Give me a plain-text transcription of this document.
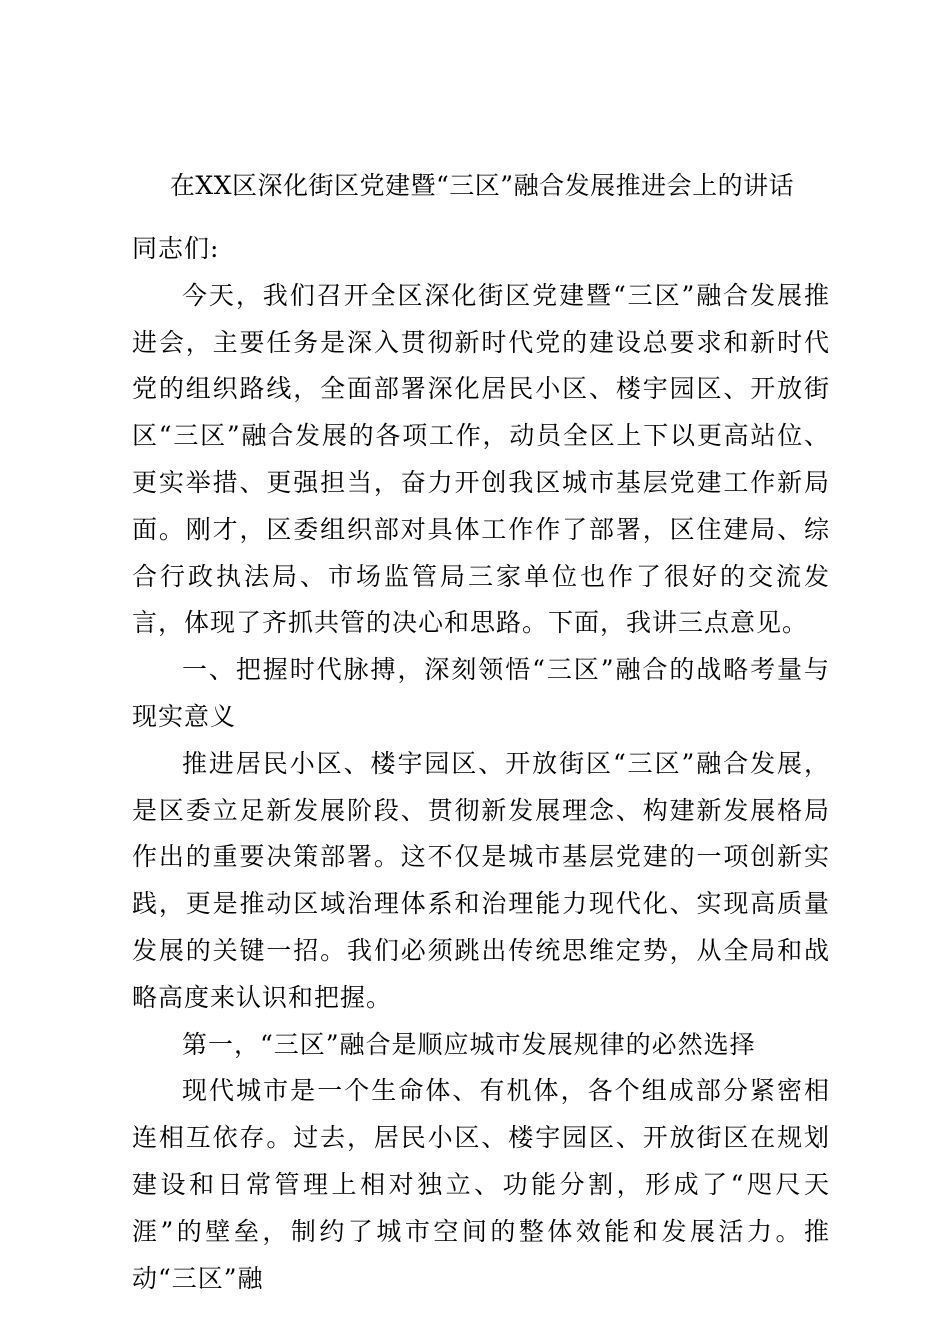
在XX区深化街区党建暨“三区”融合发展推进会上的讲话

同志们:

今天，我们召开全区深化街区党建暨“三区”融合发展推进会，主要任务是深入贯彻新时代党的建设总要求和新时代党的组织路线，全面部署深化居民小区、楼宇园区、开放街区“三区”融合发展的各项工作，动员全区上下以更高站位、更实举措、更强担当，奋力开创我区城市基层党建工作新局面。刚才，区委组织部对具体工作作了部署，区住建局、综合行政执法局、市场监管局三家单位也作了很好的交流发言，体现了齐抓共管的决心和思路。下面，我讲三点意见。

一、把握时代脉搏，深刻领悟“三区”融合的战略考量与现实意义

推进居民小区、楼宇园区、开放街区“三区”融合发展，是区委立足新发展阶段、贯彻新发展理念、构建新发展格局作出的重要决策部署。这不仅是城市基层党建的一项创新实践，更是推动区域治理体系和治理能力现代化、实现高质量发展的关键一招。我们必须跳出传统思维定势，从全局和战略高度来认识和把握。

第一，“三区”融合是顺应城市发展规律的必然选择

现代城市是一个生命体、有机体，各个组成部分紧密相连相互依存。过去，居民小区、楼宇园区、开放街区在规划建设和日常管理上相对独立、功能分割，形成了“咫尺天涯”的壁垒，制约了城市空间的整体效能和发展活力。推动“三区”融
